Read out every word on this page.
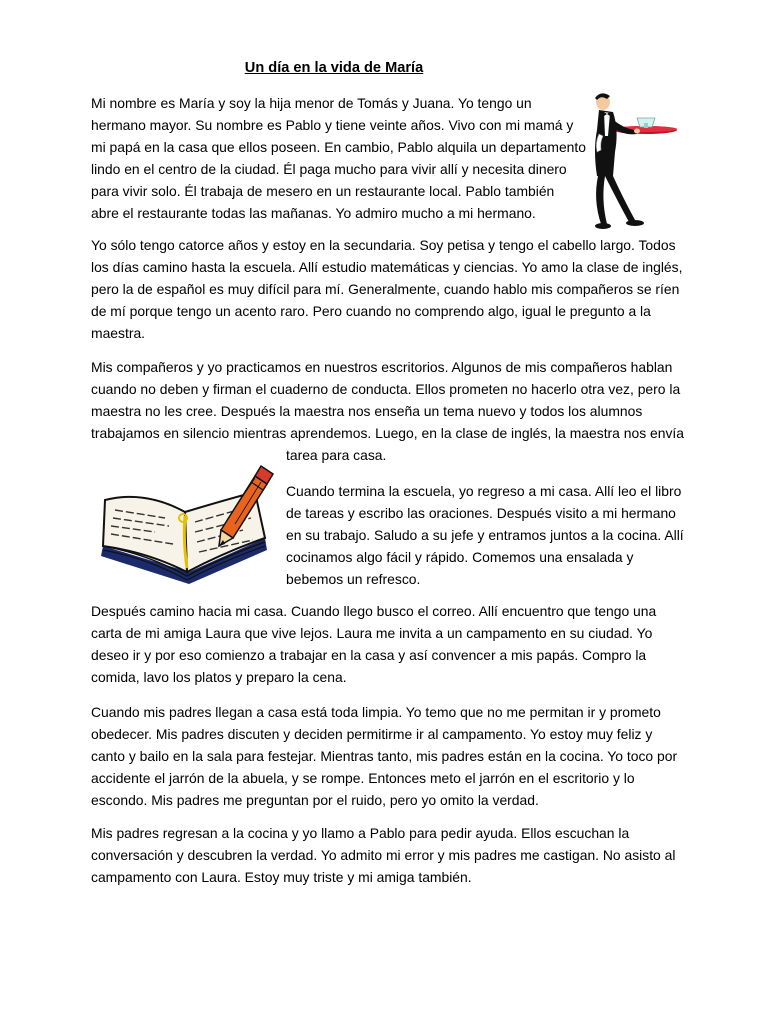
Un día en la vida de María
Mi nombre es María y soy la hija menor de Tomás y Juana. Yo tengo un
hermano mayor. Su nombre es Pablo y tiene veinte años. Vivo con mi mamá y
mi papá en la casa que ellos poseen. En cambio, Pablo alquila un departamento
lindo en el centro de la ciudad. Él paga mucho para vivir allí y necesita dinero
para vivir solo. Él trabaja de mesero en un restaurante local. Pablo también
abre el restaurante todas las mañanas. Yo admiro mucho a mi hermano.
Yo sólo tengo catorce años y estoy en la secundaria. Soy petisa y tengo el cabello largo. Todos
los días camino hasta la escuela. Allí estudio matemáticas y ciencias. Yo amo la clase de inglés,
pero la de español es muy difícil para mí. Generalmente, cuando hablo mis compañeros se ríen
de mí porque tengo un acento raro. Pero cuando no comprendo algo, igual le pregunto a la
maestra.
Mis compañeros y yo practicamos en nuestros escritorios. Algunos de mis compañeros hablan
cuando no deben y firman el cuaderno de conducta. Ellos prometen no hacerlo otra vez, pero la
maestra no les cree. Después la maestra nos enseña un tema nuevo y todos los alumnos
trabajamos en silencio mientras aprendemos. Luego, en la clase de inglés, la maestra nos envía
tarea para casa.
Cuando termina la escuela, yo regreso a mi casa. Allí leo el libro
de tareas y escribo las oraciones. Después visito a mi hermano
en su trabajo. Saludo a su jefe y entramos juntos a la cocina. Allí
cocinamos algo fácil y rápido. Comemos una ensalada y
bebemos un refresco.
Después camino hacia mi casa. Cuando llego busco el correo. Allí encuentro que tengo una
carta de mi amiga Laura que vive lejos. Laura me invita a un campamento en su ciudad. Yo
deseo ir y por eso comienzo a trabajar en la casa y así convencer a mis papás. Compro la
comida, lavo los platos y preparo la cena.
Cuando mis padres llegan a casa está toda limpia. Yo temo que no me permitan ir y prometo
obedecer. Mis padres discuten y deciden permitirme ir al campamento. Yo estoy muy feliz y
canto y bailo en la sala para festejar. Mientras tanto, mis padres están en la cocina. Yo toco por
accidente el jarrón de la abuela, y se rompe. Entonces meto el jarrón en el escritorio y lo
escondo. Mis padres me preguntan por el ruido, pero yo omito la verdad.
Mis padres regresan a la cocina y yo llamo a Pablo para pedir ayuda. Ellos escuchan la
conversación y descubren la verdad. Yo admito mi error y mis padres me castigan. No asisto al
campamento con Laura. Estoy muy triste y mi amiga también.
